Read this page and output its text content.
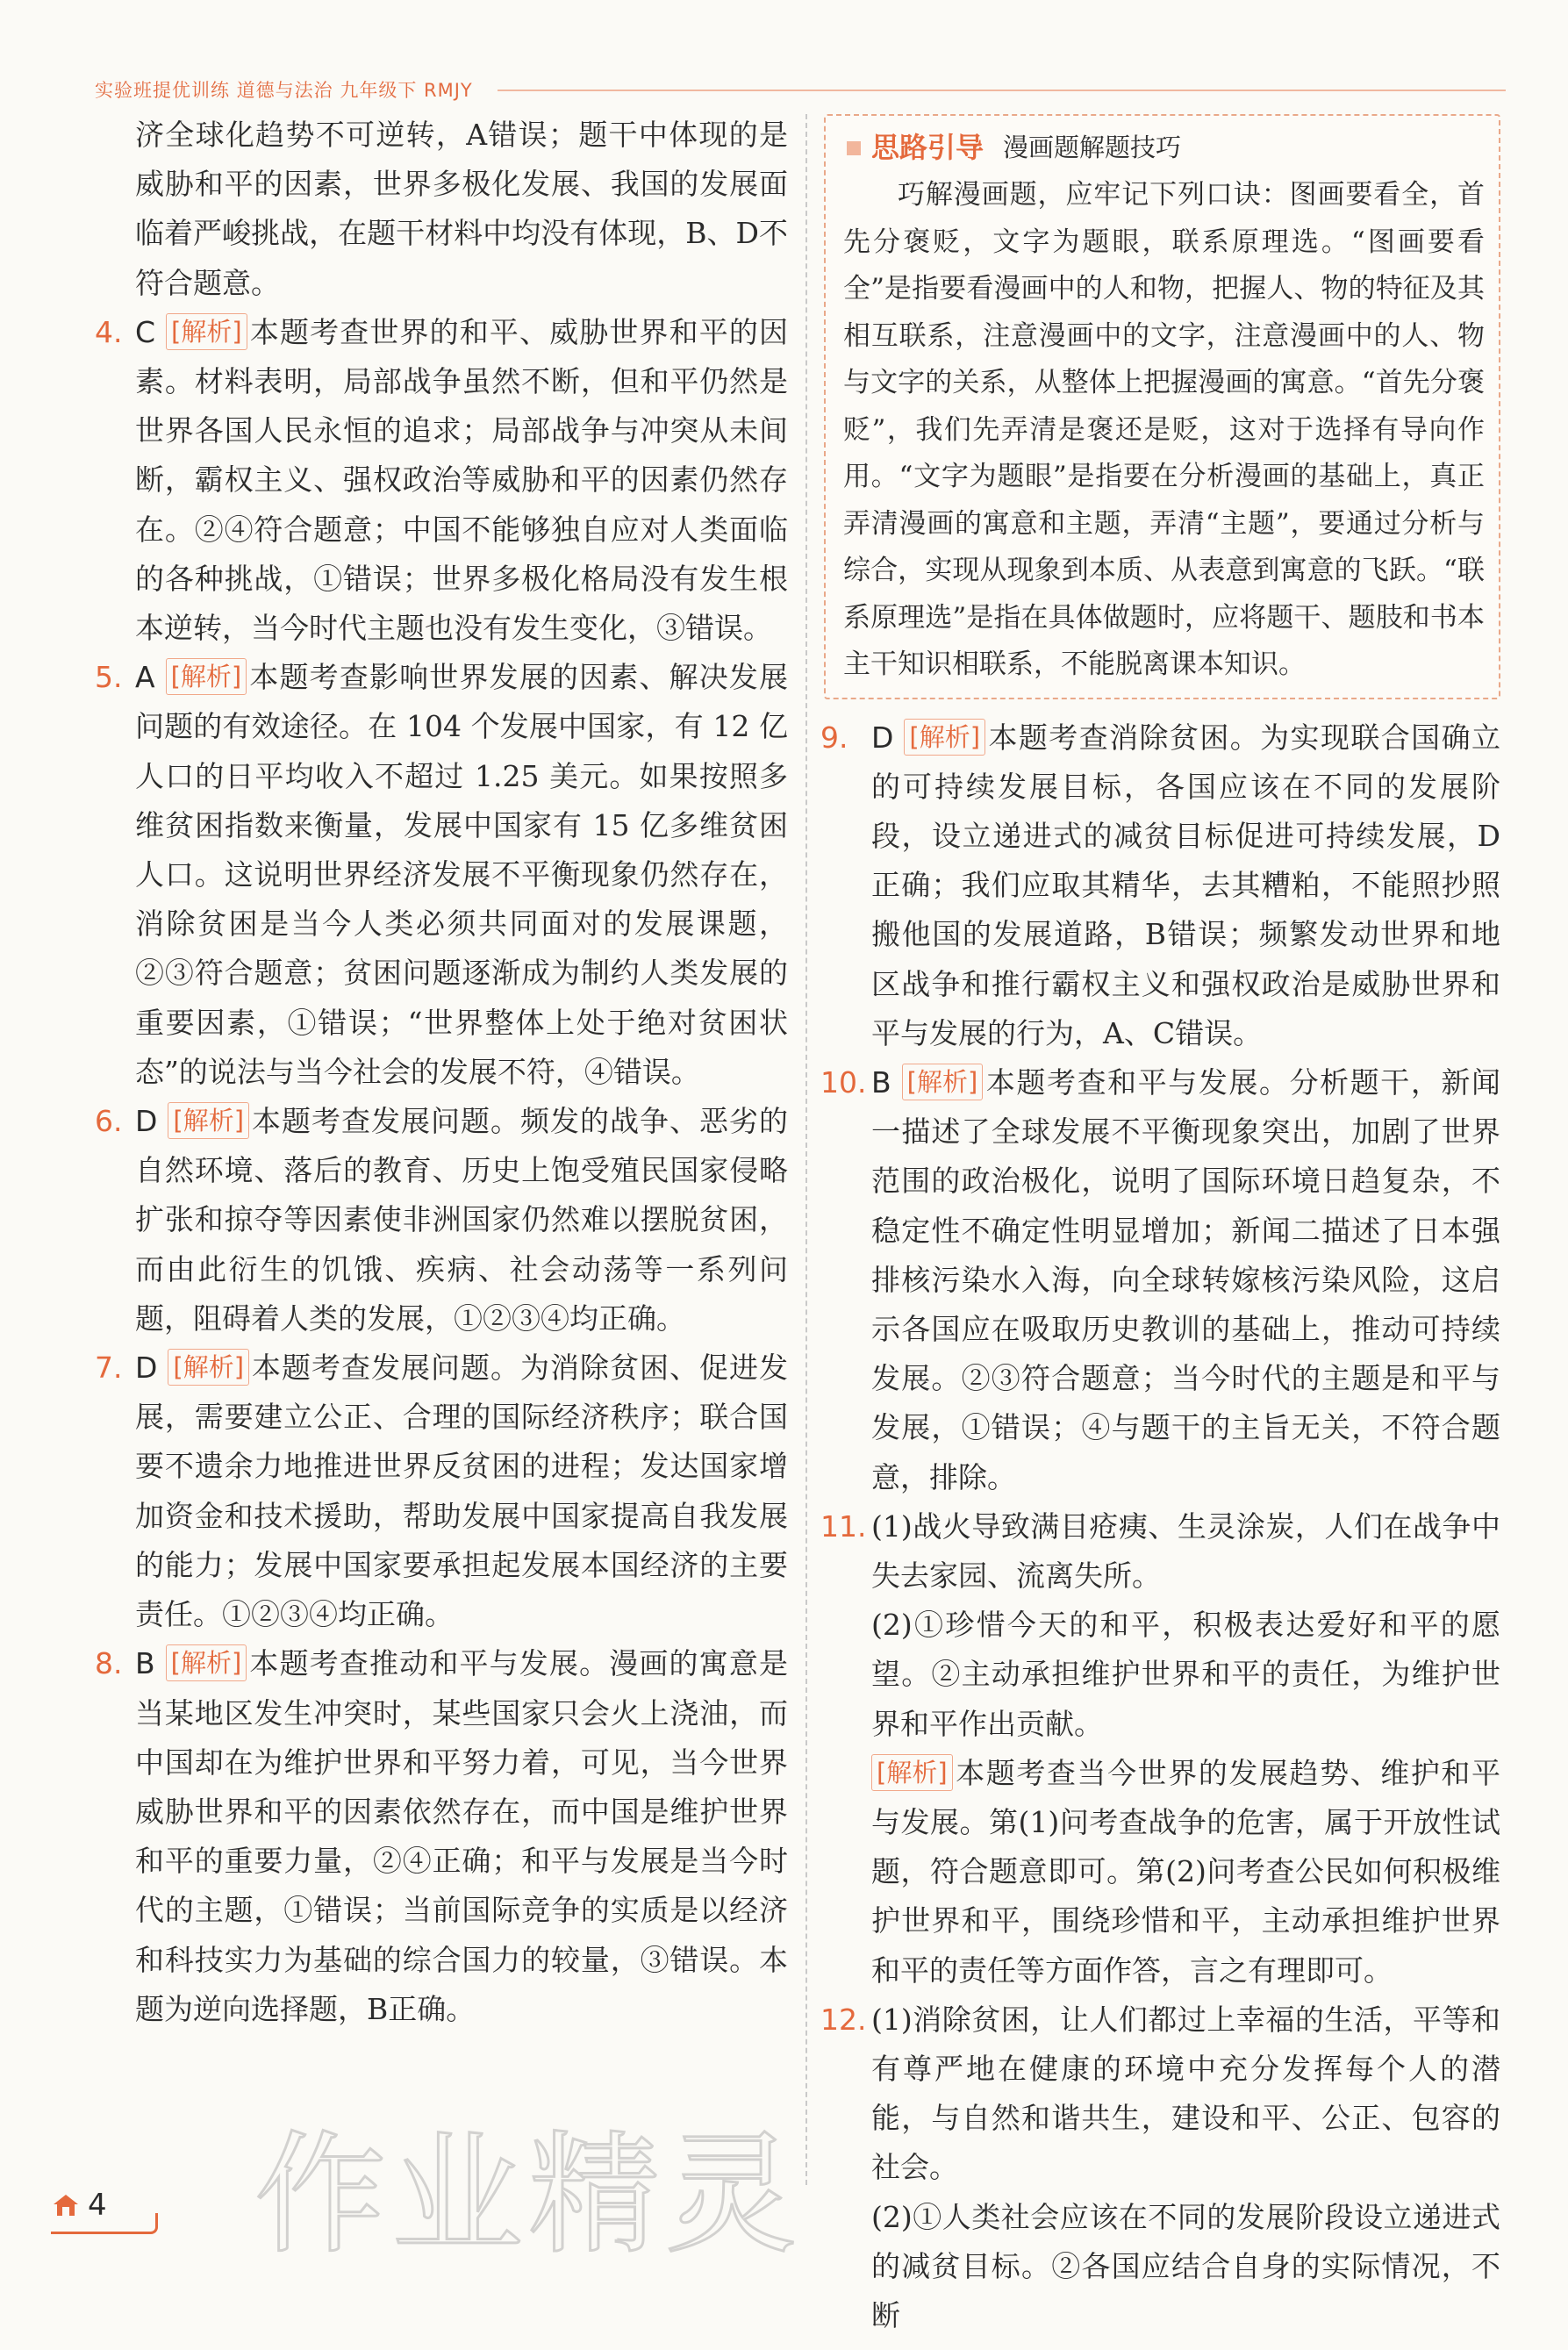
实验班提优训练 道德与法治 九年级下 RMJY
济全球化趋势不可逆转，A错误；题干中体现的是威胁和平的因素，世界多极化发展、我国的发展面临着严峻挑战，在题干材料中均没有体现，B、D不符合题意。
4. C [解析] 本题考查世界的和平、威胁世界和平的因素。材料表明，局部战争虽然不断，但和平仍然是世界各国人民永恒的追求；局部战争与冲突从未间断，霸权主义、强权政治等威胁和平的因素仍然存在。②④符合题意；中国不能够独自应对人类面临的各种挑战，①错误；世界多极化格局没有发生根本逆转，当今时代主题也没有发生变化，③错误。
5. A [解析] 本题考查影响世界发展的因素、解决发展问题的有效途径。在 104 个发展中国家，有 12 亿人口的日平均收入不超过 1.25 美元。如果按照多维贫困指数来衡量，发展中国家有 15 亿多维贫困人口。这说明世界经济发展不平衡现象仍然存在，消除贫困是当今人类必须共同面对的发展课题，②③符合题意；贫困问题逐渐成为制约人类发展的重要因素，①错误；“世界整体上处于绝对贫困状态”的说法与当今社会的发展不符，④错误。
6. D [解析] 本题考查发展问题。频发的战争、恶劣的自然环境、落后的教育、历史上饱受殖民国家侵略扩张和掠夺等因素使非洲国家仍然难以摆脱贫困，而由此衍生的饥饿、疾病、社会动荡等一系列问题，阻碍着人类的发展，①②③④均正确。
7. D [解析] 本题考查发展问题。为消除贫困、促进发展，需要建立公正、合理的国际经济秩序；联合国要不遗余力地推进世界反贫困的进程；发达国家增加资金和技术援助，帮助发展中国家提高自我发展的能力；发展中国家要承担起发展本国经济的主要责任。①②③④均正确。
8. B [解析] 本题考查推动和平与发展。漫画的寓意是当某地区发生冲突时，某些国家只会火上浇油，而中国却在为维护世界和平努力着，可见，当今世界威胁世界和平的因素依然存在，而中国是维护世界和平的重要力量，②④正确；和平与发展是当今时代的主题，①错误；当前国际竞争的实质是以经济和科技实力为基础的综合国力的较量，③错误。本题为逆向选择题，B正确。
思路引导 漫画题解题技巧
巧解漫画题，应牢记下列口诀：图画要看全，首先分褒贬，文字为题眼，联系原理选。“图画要看全”是指要看漫画中的人和物，把握人、物的特征及其相互联系，注意漫画中的文字，注意漫画中的人、物与文字的关系，从整体上把握漫画的寓意。“首先分褒贬”，我们先弄清是褒还是贬，这对于选择有导向作用。“文字为题眼”是指要在分析漫画的基础上，真正弄清漫画的寓意和主题，弄清“主题”，要通过分析与综合，实现从现象到本质、从表意到寓意的飞跃。“联系原理选”是指在具体做题时，应将题干、题肢和书本主干知识相联系，不能脱离课本知识。
9. D [解析] 本题考查消除贫困。为实现联合国确立的可持续发展目标，各国应该在不同的发展阶段，设立递进式的减贫目标促进可持续发展，D正确；我们应取其精华，去其糟粕，不能照抄照搬他国的发展道路，B错误；频繁发动世界和地区战争和推行霸权主义和强权政治是威胁世界和平与发展的行为，A、C错误。
10. B [解析] 本题考查和平与发展。分析题干，新闻一描述了全球发展不平衡现象突出，加剧了世界范围的政治极化，说明了国际环境日趋复杂，不稳定性不确定性明显增加；新闻二描述了日本强排核污染水入海，向全球转嫁核污染风险，这启示各国应在吸取历史教训的基础上，推动可持续发展。②③符合题意；当今时代的主题是和平与发展，①错误；④与题干的主旨无关，不符合题意，排除。
11. (1)战火导致满目疮痍、生灵涂炭，人们在战争中失去家园、流离失所。
(2)①珍惜今天的和平，积极表达爱好和平的愿望。②主动承担维护世界和平的责任，为维护世界和平作出贡献。
[解析] 本题考查当今世界的发展趋势、维护和平与发展。第(1)问考查战争的危害，属于开放性试题，符合题意即可。第(2)问考查公民如何积极维护世界和平，围绕珍惜和平，主动承担维护世界和平的责任等方面作答，言之有理即可。
12. (1)消除贫困，让人们都过上幸福的生活，平等和有尊严地在健康的环境中充分发挥每个人的潜能，与自然和谐共生，建设和平、公正、包容的社会。
(2)①人类社会应该在不同的发展阶段设立递进式的减贫目标。②各国应结合自身的实际情况，不断
4 作业精灵
